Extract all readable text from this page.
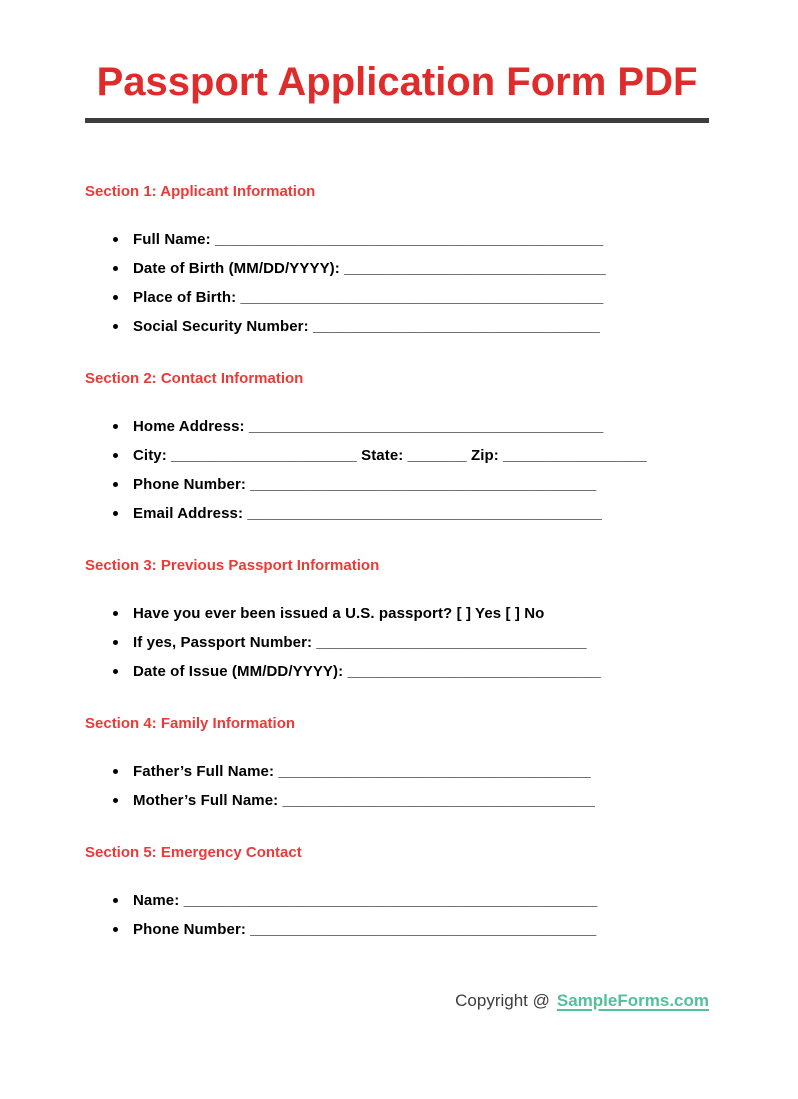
Passport Application Form PDF
Section 1: Applicant Information
Full Name: ______________________________________________
Date of Birth (MM/DD/YYYY): _______________________________
Place of Birth: ___________________________________________
Social Security Number: __________________________________
Section 2: Contact Information
Home Address: __________________________________________
City: ______________________ State: _______ Zip: _________________
Phone Number: _________________________________________
Email Address: __________________________________________
Section 3: Previous Passport Information
Have you ever been issued a U.S. passport? [ ] Yes [ ] No
If yes, Passport Number: ________________________________
Date of Issue (MM/DD/YYYY): ______________________________
Section 4: Family Information
Father’s Full Name: _____________________________________
Mother’s Full Name: _____________________________________
Section 5: Emergency Contact
Name: _________________________________________________
Phone Number: _________________________________________
Copyright @ SampleForms.com
